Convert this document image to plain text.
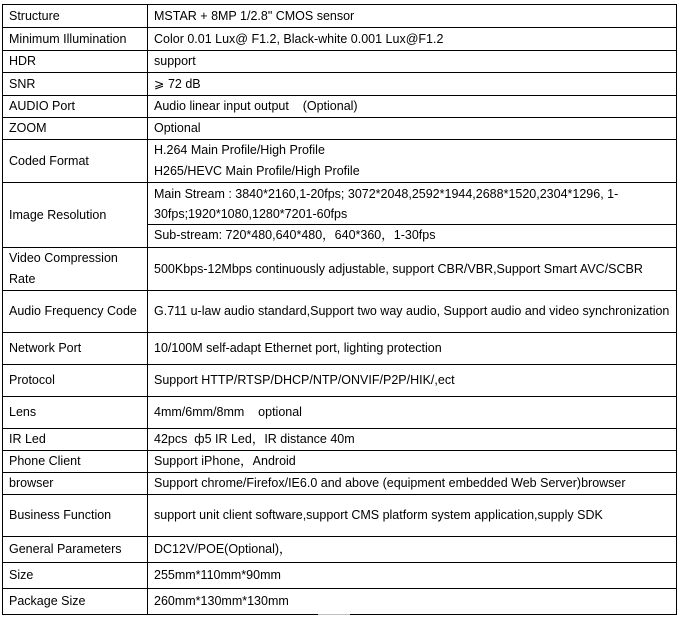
Structure	MSTAR + 8MP 1/2.8" CMOS sensor
Minimum Illumination	Color 0.01 Lux@ F1.2, Black-white 0.001 Lux@F1.2
HDR	support
SNR	⩾ 72 dB
AUDIO Port	Audio linear input output    (Optional)
ZOOM	Optional
Coded Format	H.264 Main Profile/High Profile
H265/HEVC Main Profile/High Profile

Image Resolution	Main Stream : 3840*2160,1-20fps; 3072*2048,2592*1944,2688*1520,2304*1296, 1-30fps;1920*1080,1280*7201-60fps
Sub-stream: 720*480,640*480，640*360，1-30fps

Video Compression Rate	500Kbps-12Mbps continuously adjustable, support CBR/VBR,Support Smart AVC/SCBR
Audio Frequency Code	G.711 u-law audio standard,Support two way audio, Support audio and video synchronization
Network Port	10/100M self-adapt Ethernet port, lighting protection
Protocol	Support HTTP/RTSP/DHCP/NTP/ONVIF/P2P/HIK/,ect
Lens	4mm/6mm/8mm    optional
IR Led	42pcs  ф5 IR Led，IR distance 40m
Phone Client	Support iPhone，Android
browser	Support chrome/Firefox/IE6.0 and above (equipment embedded Web Server)browser
Business Function	support unit client software,support CMS platform system application,supply SDK
General Parameters	DC12V/POE(Optional)，
Size	255mm*110mm*90mm
Package Size	260mm*130mm*130mm
